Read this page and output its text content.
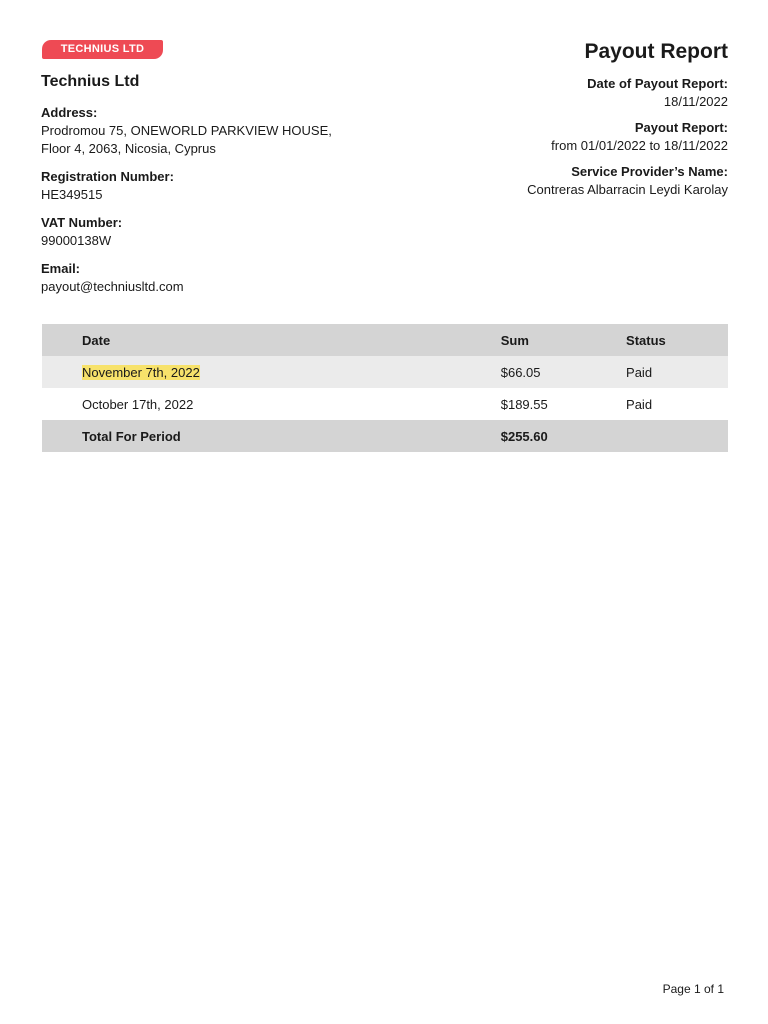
TECHNIUS LTD
Technius Ltd
Address:
Prodromou 75, ONEWORLD PARKVIEW HOUSE,
Floor 4, 2063, Nicosia, Cyprus
Registration Number:
HE349515
VAT Number:
99000138W
Email:
payout@techniusltd.com
Payout Report
Date of Payout Report:
18/11/2022
Payout Report:
from 01/01/2022 to 18/11/2022
Service Provider’s Name:
Contreras Albarracin Leydi Karolay
Date	Sum	Status
November 7th, 2022	$66.05	Paid
October 17th, 2022	$189.55	Paid
Total For Period	$255.60	
Page 1 of 1
